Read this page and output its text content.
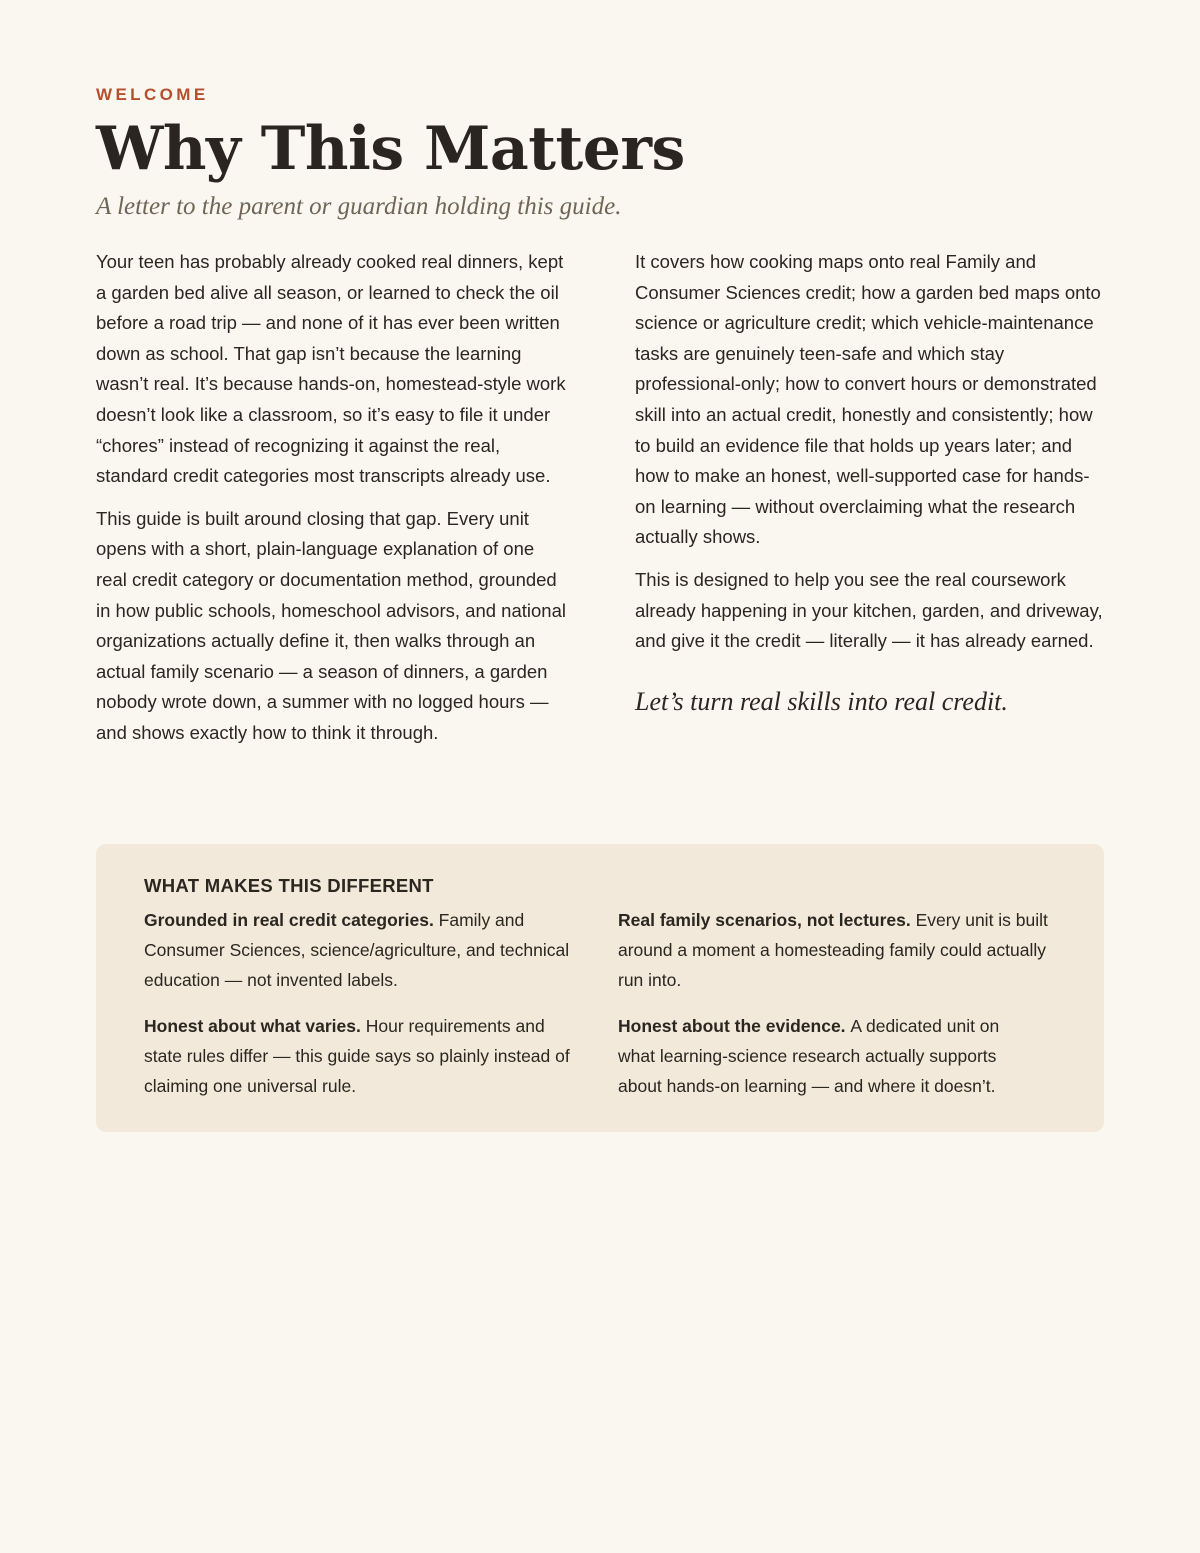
WELCOME
Why This Matters
A letter to the parent or guardian holding this guide.

Your teen has probably already cooked real dinners, kept a garden bed alive all season, or learned to check the oil before a road trip — and none of it has ever been written down as school. That gap isn’t because the learning wasn’t real. It’s because hands-on, homestead-style work doesn’t look like a classroom, so it’s easy to file it under “chores” instead of recognizing it against the real, standard credit categories most transcripts already use.

This guide is built around closing that gap. Every unit opens with a short, plain-language explanation of one real credit category or documentation method, grounded in how public schools, homeschool advisors, and national organizations actually define it, then walks through an actual family scenario — a season of dinners, a garden nobody wrote down, a summer with no logged hours — and shows exactly how to think it through.

It covers how cooking maps onto real Family and Consumer Sciences credit; how a garden bed maps onto science or agriculture credit; which vehicle-maintenance tasks are genuinely teen-safe and which stay professional-only; how to convert hours or demonstrated skill into an actual credit, honestly and consistently; how to build an evidence file that holds up years later; and how to make an honest, well-supported case for hands-on learning — without overclaiming what the research actually shows.

This is designed to help you see the real coursework already happening in your kitchen, garden, and driveway, and give it the credit — literally — it has already earned.

Let’s turn real skills into real credit.

WHAT MAKES THIS DIFFERENT

Grounded in real credit categories. Family and Consumer Sciences, science/agriculture, and technical education — not invented labels.

Real family scenarios, not lectures. Every unit is built around a moment a homesteading family could actually run into.

Honest about what varies. Hour requirements and state rules differ — this guide says so plainly instead of claiming one universal rule.

Honest about the evidence. A dedicated unit on what learning-science research actually supports about hands-on learning — and where it doesn’t.
